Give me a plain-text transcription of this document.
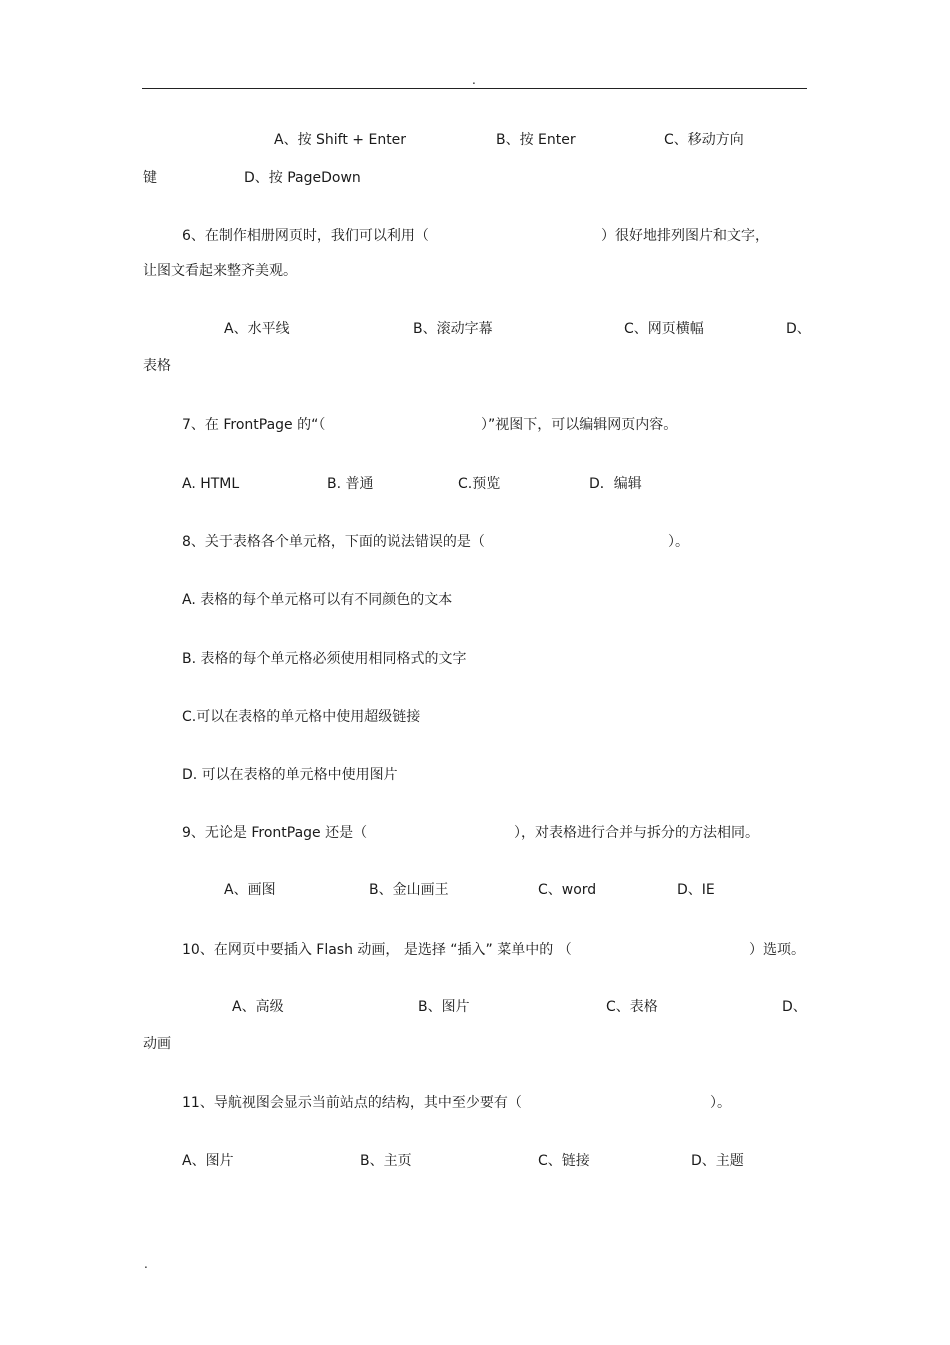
.
A、按 Shift + Enter	B、按 Enter	C、移动方向
键	D、按 PageDown
6、在制作相册网页时，我们可以利用（	）很好地排列图片和文字，
让图文看起来整齐美观。
A、水平线	B、滚动字幕	C、网页横幅	D、
表格
7、在 FrontPage 的“（	）”视图下，可以编辑网页内容。
A. HTML	B. 普通	C.预览	D．编辑
8、关于表格各个单元格，下面的说法错误的是（	）。
A. 表格的每个单元格可以有不同颜色的文本
B. 表格的每个单元格必须使用相同格式的文字
C.可以在表格的单元格中使用超级链接
D. 可以在表格的单元格中使用图片
9、无论是 FrontPage 还是（	），对表格进行合并与拆分的方法相同。
A、画图	B、金山画王	C、word	D、IE
10、在网页中要插入 Flash 动画， 是选择 “插入” 菜单中的 （	）选项。
A、高级	B、图片	C、表格	D、
动画
11、导航视图会显示当前站点的结构，其中至少要有（	）。
A、图片	B、主页	C、链接	D、主题
.
